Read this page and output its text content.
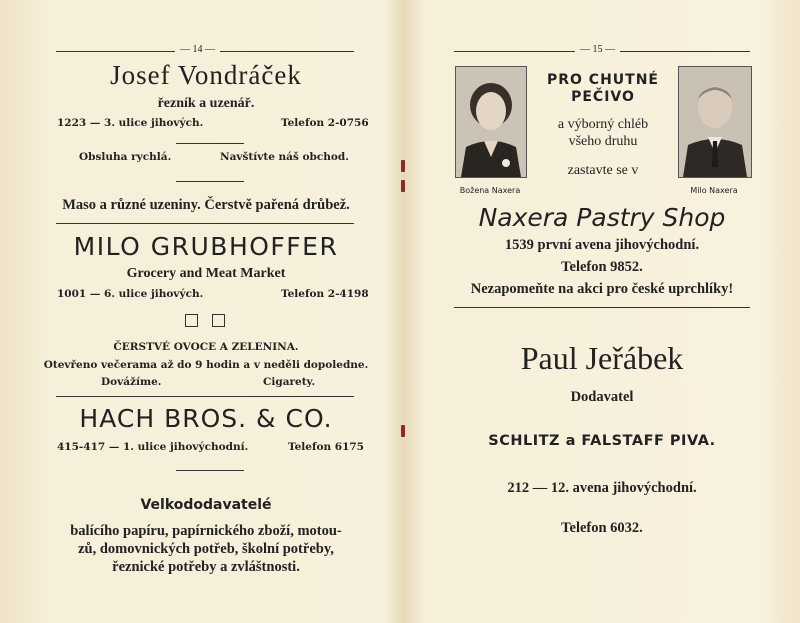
— 14 —
Josef Vondráček
řezník a uzenář.
1223 — 3. ulice jihových.	Telefon 2-0756
Obsluha rychlá.	Navštívte náš obchod.
Maso a různé uzeniny. Čerstvě pařená drůbež.
MILO GRUBHOFFER
Grocery and Meat Market
1001 — 6. ulice jihových.	Telefon 2-4198
ČERSTVÉ OVOCE A ZELENINA.
Otevřeno večerama až do 9 hodin a v neděli dopoledne.
Dovážíme.	Cigarety.
HACH BROS. & CO.
415-417 — 1. ulice jihovýchodní.	Telefon 6175
Velkododavatelé
balícího papíru, papírnického zboží, motou-
zů, domovnických potřeb, školní potřeby,
řeznické potřeby a zvláštnosti.
— 15 —
Božena Naxera	Milo Naxera
PRO CHUTNÉ
PEČIVO
a výborný chléb
všeho druhu
zastavte se v
Naxera Pastry Shop
1539 první avena jihovýchodní.
Telefon 9852.
Nezapomeňte na akci pro české uprchlíky!
Paul Jeřábek
Dodavatel
SCHLITZ a FALSTAFF PIVA.
212 — 12. avena jihovýchodní.
Telefon 6032.
